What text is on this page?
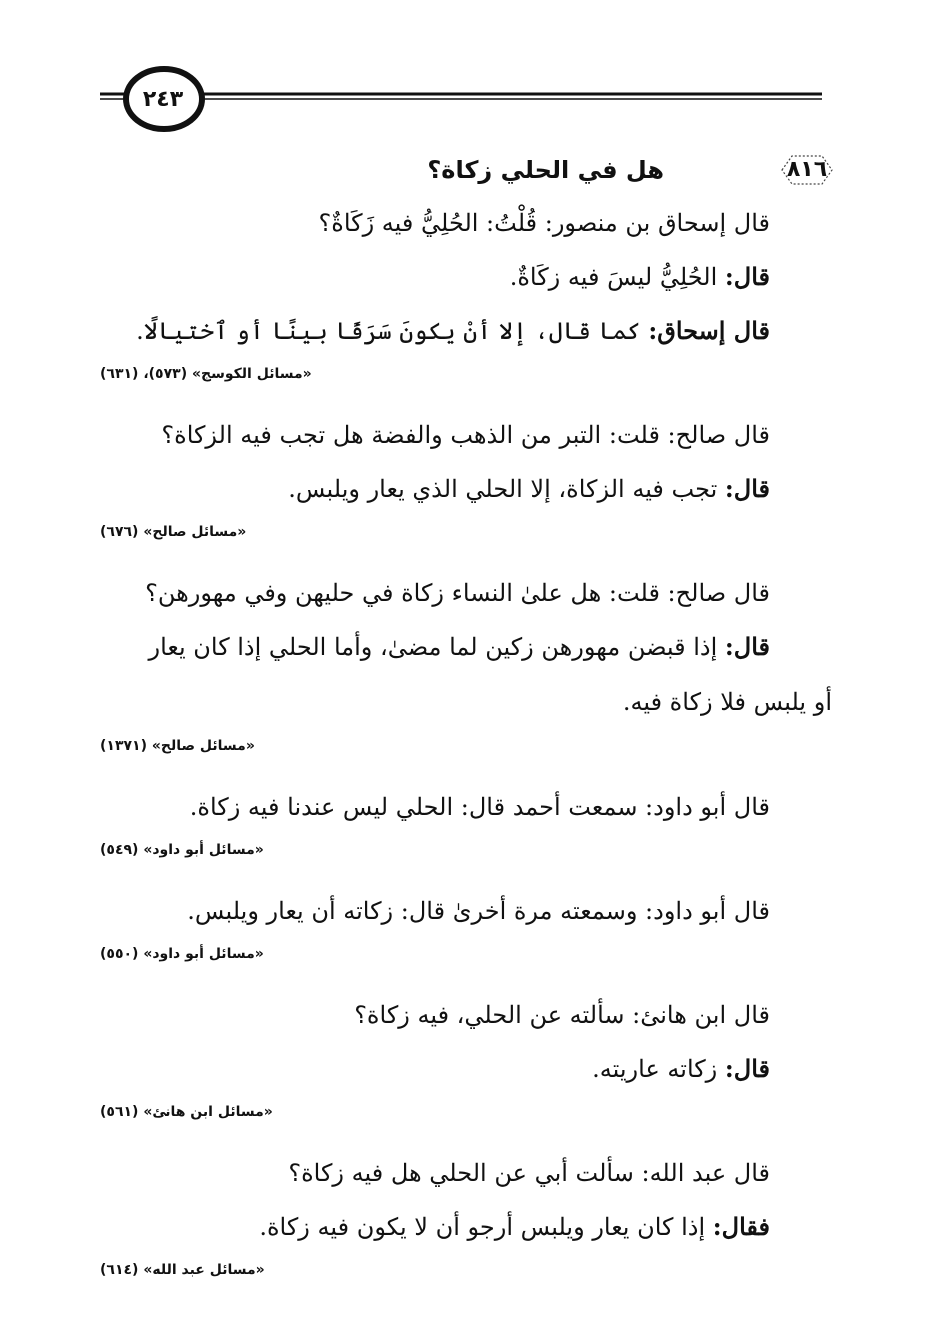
٢٤٣
٨١٦
هل في الحلي زكاة؟

قال إسحاق بن منصور: قُلْتُ: الحُلِيُّ فيه زَكَاةٌ؟

قال: الحُلِيُّ ليسَ فيه زكَاةٌ.

قال إسحاق: كما قال، إلا أنْ يكونَ سَرَفًا بينًا أو ٱختيالًا.

«مسائل الكوسج» (٥٧٣)، (٦٣١)

قال صالح: قلت: التبر من الذهب والفضة هل تجب فيه الزكاة؟

قال: تجب فيه الزكاة، إلا الحلي الذي يعار ويلبس.

«مسائل صالح» (٦٧٦)

قال صالح: قلت: هل علىٰ النساء زكاة في حليهن وفي مهورهن؟

قال: إذا قبضن مهورهن زكين لما مضىٰ، وأما الحلي إذا كان يعار

أو يلبس فلا زكاة فيه.

«مسائل صالح» (١٣٧١)

قال أبو داود: سمعت أحمد قال: الحلي ليس عندنا فيه زكاة.

«مسائل أبو داود» (٥٤٩)

قال أبو داود: وسمعته مرة أخرىٰ قال: زكاته أن يعار ويلبس.

«مسائل أبو داود» (٥٥٠)

قال ابن هانئ: سألته عن الحلي، فيه زكاة؟

قال: زكاته عاريته.

«مسائل ابن هانئ» (٥٦١)

قال عبد الله: سألت أبي عن الحلي هل فيه زكاة؟

فقال: إذا كان يعار ويلبس أرجو أن لا يكون فيه زكاة.

«مسائل عبد الله» (٦١٤)
